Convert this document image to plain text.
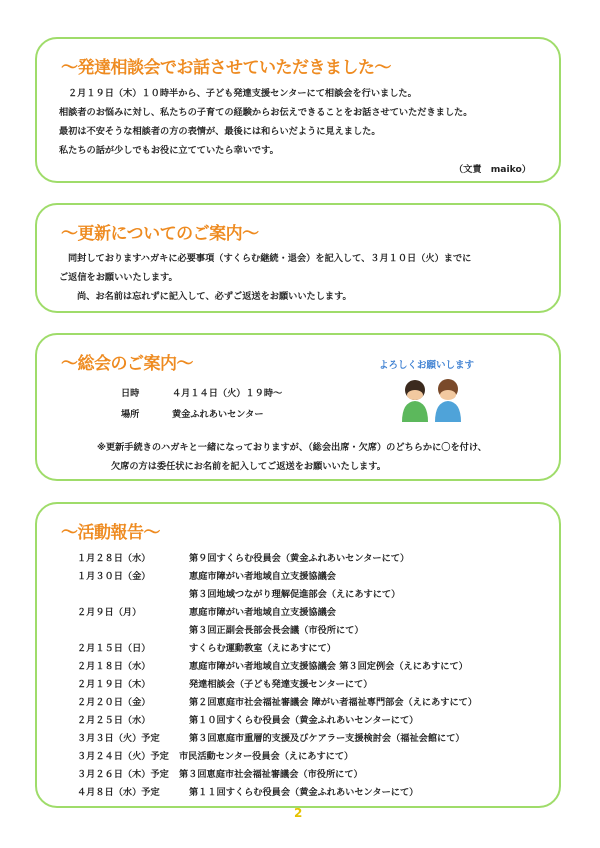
～発達相談会でお話させていただきました～
２月１９日（木）１０時半から、子ども発達支援センターにて相談会を行いました。
相談者のお悩みに対し、私たちの子育ての経験からお伝えできることをお話させていただきました。
最初は不安そうな相談者の方の表情が、最後には和らいだように見えました。
私たちの話が少しでもお役に立てていたら幸いです。
（文責　maiko）
～更新についてのご案内～
同封しておりますハガキに必要事項（すくらむ継続・退会）を記入して、３月１０日（火）までに
ご返信をお願いいたします。
尚、お名前は忘れずに記入して、必ずご返送をお願いいたします。
～総会のご案内～
日時	４月１４日（火）１９時～
場所	黄金ふれあいセンター
※更新手続きのハガキと一緒になっておりますが、（総会出席・欠席）のどちらかに〇を付け、
欠席の方は委任状にお名前を記入してご返送をお願いいたします。
よろしくお願いします
～活動報告～
１月２８日（水）	第９回すくらむ役員会（黄金ふれあいセンターにて）
１月３０日（金）	恵庭市障がい者地域自立支援協議会
第３回地域つながり理解促進部会（えにあすにて）
２月９日（月）	恵庭市障がい者地域自立支援協議会
第３回正副会長部会長会議（市役所にて）
２月１５日（日）	すくらむ運動教室（えにあすにて）
２月１８日（水）	恵庭市障がい者地域自立支援協議会 第３回定例会（えにあすにて）
２月１９日（木）	発達相談会（子ども発達支援センターにて）
２月２０日（金）	第２回恵庭市社会福祉審議会 障がい者福祉専門部会（えにあすにて）
２月２５日（水）	第１０回すくらむ役員会（黄金ふれあいセンターにて）
３月３日（火）予定	第３回恵庭市重層的支援及びケアラー支援検討会（福祉会館にて）
３月２４日（火）予定 市民活動センター役員会（えにあすにて）
３月２６日（木）予定 第３回恵庭市社会福祉審議会（市役所にて）
４月８日（水）予定	第１１回すくらむ役員会（黄金ふれあいセンターにて）
2
